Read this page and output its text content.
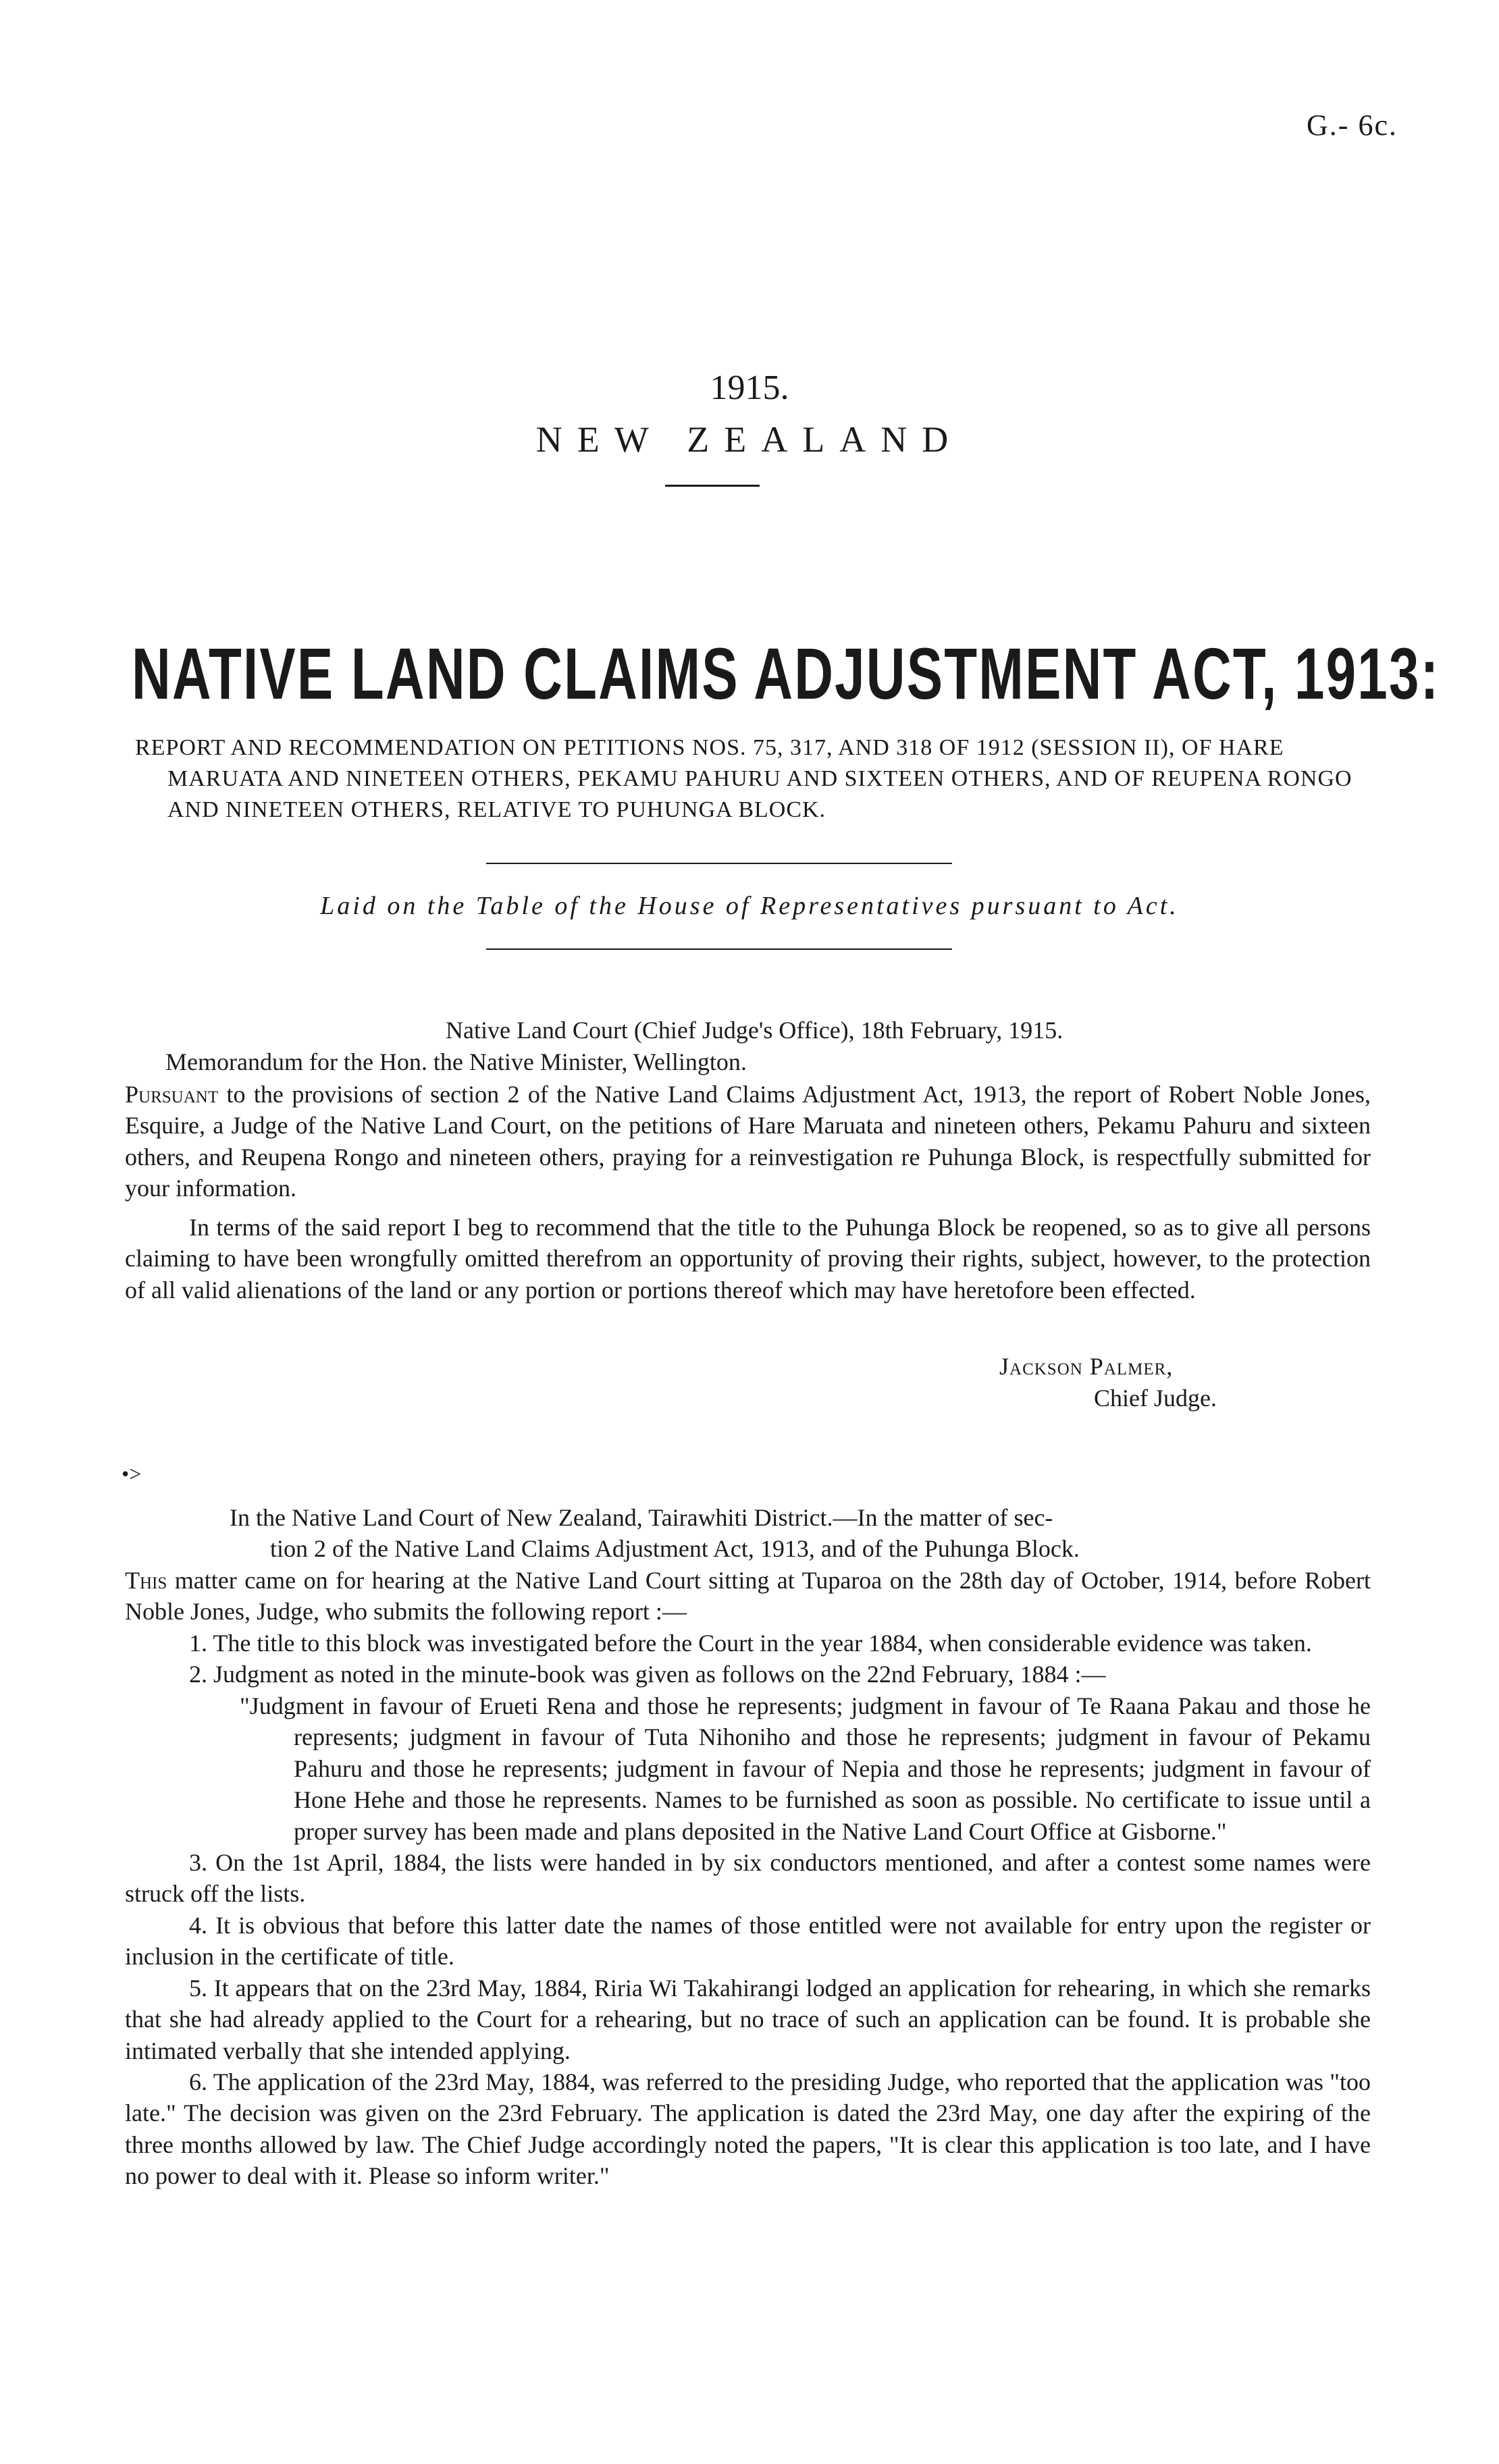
G.- 6c.
1915.
NEW ZEALAND
NATIVE LAND CLAIMS ADJUSTMENT ACT, 1913:
REPORT AND RECOMMENDATION ON PETITIONS NOS. 75, 317, AND 318 OF 1912 (SESSION II), OF HARE MARUATA AND NINETEEN OTHERS, PEKAMU PAHURU AND SIXTEEN OTHERS, AND OF REUPENA RONGO AND NINETEEN OTHERS, RELATIVE TO PUHUNGA BLOCK.
Laid on the Table of the House of Representatives pursuant to Act.
Native Land Court (Chief Judge's Office), 18th February, 1915.
Memorandum for the Hon. the Native Minister, Wellington.
Pursuant to the provisions of section 2 of the Native Land Claims Adjustment Act, 1913, the report of Robert Noble Jones, Esquire, a Judge of the Native Land Court, on the petitions of Hare Maruata and nineteen others, Pekamu Pahuru and sixteen others, and Reupena Rongo and nineteen others, praying for a reinvestigation re Puhunga Block, is respectfully submitted for your information.
In terms of the said report I beg to recommend that the title to the Puhunga Block be reopened, so as to give all persons claiming to have been wrongfully omitted therefrom an opportunity of proving their rights, subject, however, to the protection of all valid alienations of the land or any portion or portions thereof which may have heretofore been effected.
Jackson Palmer,
Chief Judge.
•>
In the Native Land Court of New Zealand, Tairawhiti District.—In the matter of sec-
tion 2 of the Native Land Claims Adjustment Act, 1913, and of the Puhunga Block.

This matter came on for hearing at the Native Land Court sitting at Tuparoa on the 28th day of October, 1914, before Robert Noble Jones, Judge, who submits the following report :—

1. The title to this block was investigated before the Court in the year 1884, when considerable evidence was taken.

2. Judgment as noted in the minute-book was given as follows on the 22nd February, 1884 :—

"Judgment in favour of Erueti Rena and those he represents; judgment in favour of Te Raana Pakau and those he represents; judgment in favour of Tuta Nihoniho and those he represents; judgment in favour of Pekamu Pahuru and those he represents; judgment in favour of Nepia and those he represents; judgment in favour of Hone Hehe and those he represents. Names to be furnished as soon as possible. No certificate to issue until a proper survey has been made and plans deposited in the Native Land Court Office at Gisborne."

3. On the 1st April, 1884, the lists were handed in by six conductors mentioned, and after a contest some names were struck off the lists.

4. It is obvious that before this latter date the names of those entitled were not available for entry upon the register or inclusion in the certificate of title.

5. It appears that on the 23rd May, 1884, Riria Wi Takahirangi lodged an application for rehearing, in which she remarks that she had already applied to the Court for a rehearing, but no trace of such an application can be found. It is probable she intimated verbally that she intended applying.

6. The application of the 23rd May, 1884, was referred to the presiding Judge, who reported that the application was "too late." The decision was given on the 23rd February. The application is dated the 23rd May, one day after the expiring of the three months allowed by law. The Chief Judge accordingly noted the papers, "It is clear this application is too late, and I have no power to deal with it. Please so inform writer."
